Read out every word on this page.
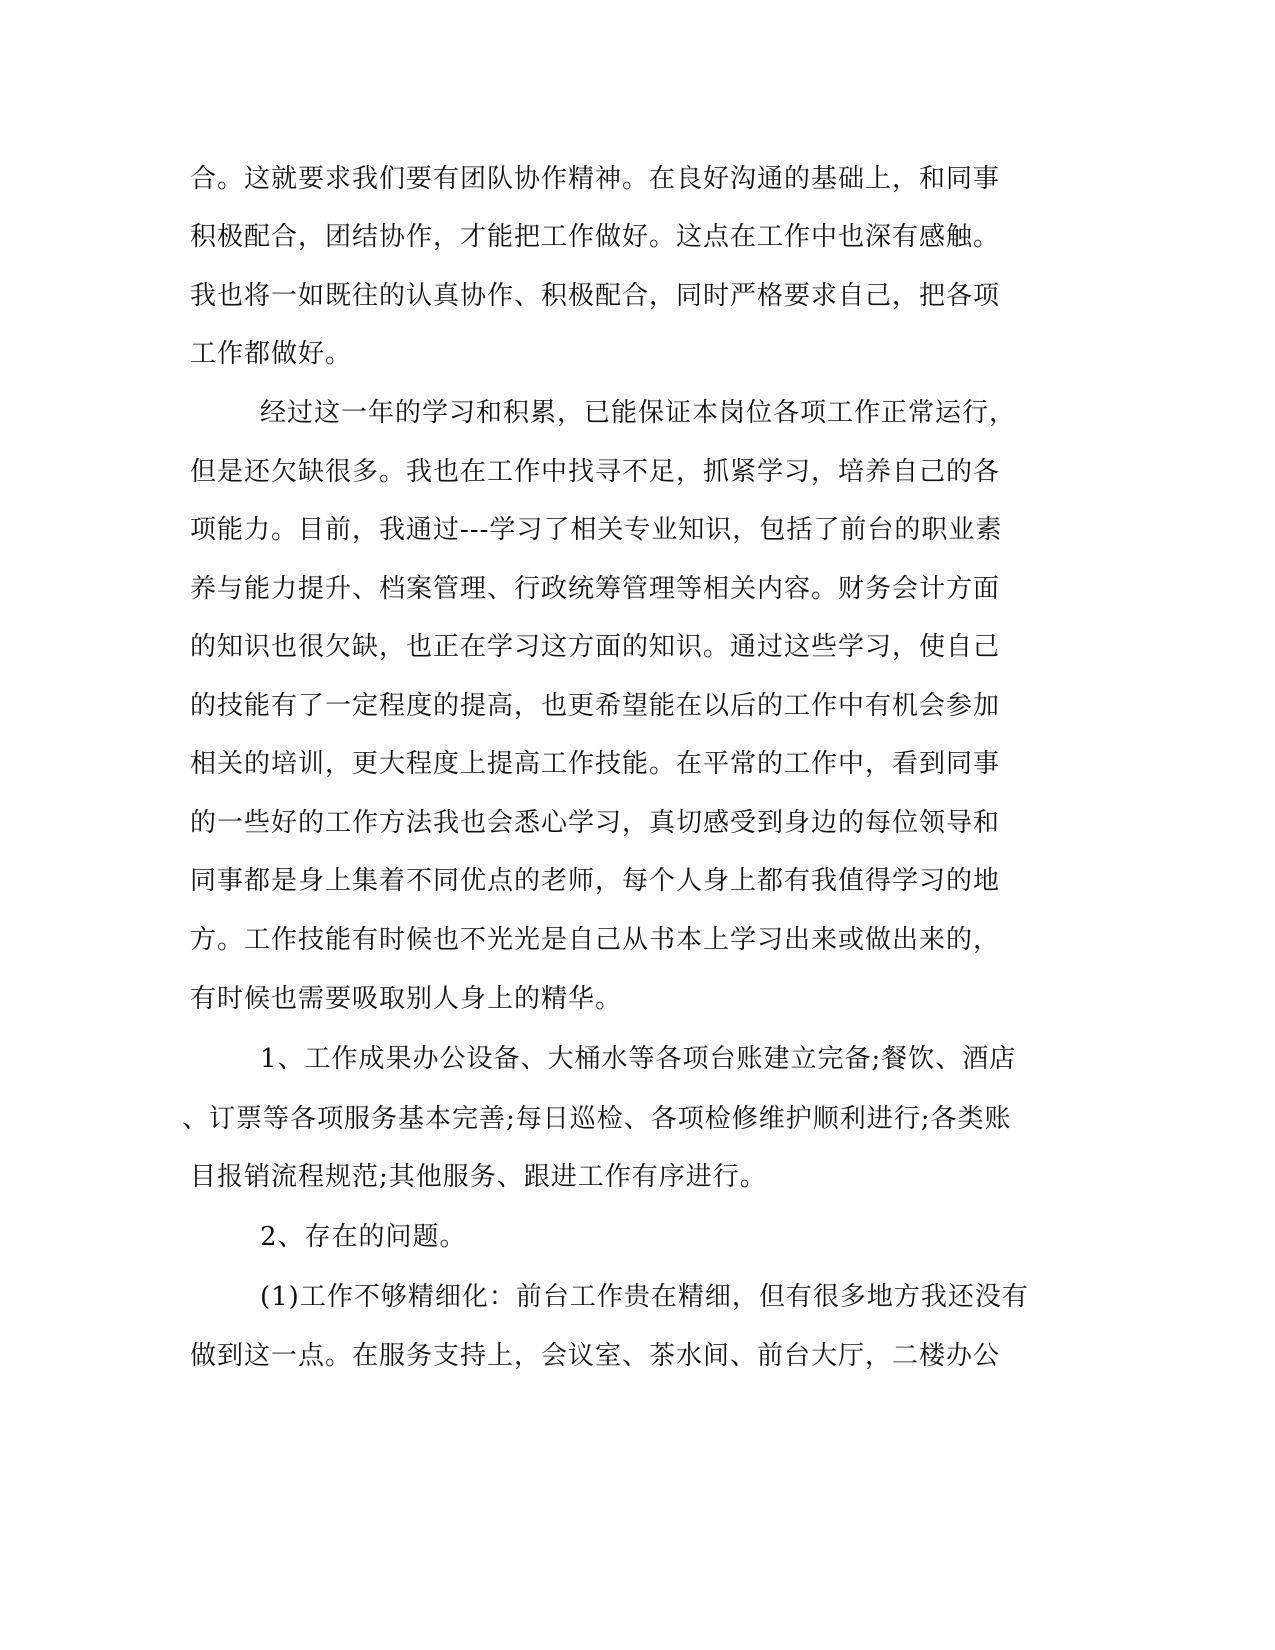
合。这就要求我们要有团队协作精神。在良好沟通的基础上，和同事
积极配合，团结协作，才能把工作做好。这点在工作中也深有感触。
我也将一如既往的认真协作、积极配合，同时严格要求自己，把各项
工作都做好。
经过这一年的学习和积累，已能保证本岗位各项工作正常运行，
但是还欠缺很多。我也在工作中找寻不足，抓紧学习，培养自己的各
项能力。目前，我通过---学习了相关专业知识，包括了前台的职业素
养与能力提升、档案管理、行政统筹管理等相关内容。财务会计方面
的知识也很欠缺，也正在学习这方面的知识。通过这些学习，使自己
的技能有了一定程度的提高，也更希望能在以后的工作中有机会参加
相关的培训，更大程度上提高工作技能。在平常的工作中，看到同事
的一些好的工作方法我也会悉心学习，真切感受到身边的每位领导和
同事都是身上集着不同优点的老师，每个人身上都有我值得学习的地
方。工作技能有时候也不光光是自己从书本上学习出来或做出来的，
有时候也需要吸取别人身上的精华。
1、工作成果办公设备、大桶水等各项台账建立完备;餐饮、酒店
、订票等各项服务基本完善;每日巡检、各项检修维护顺利进行;各类账
目报销流程规范;其他服务、跟进工作有序进行。
2、存在的问题。
(1)工作不够精细化：前台工作贵在精细，但有很多地方我还没有
做到这一点。在服务支持上，会议室、茶水间、前台大厅，二楼办公
